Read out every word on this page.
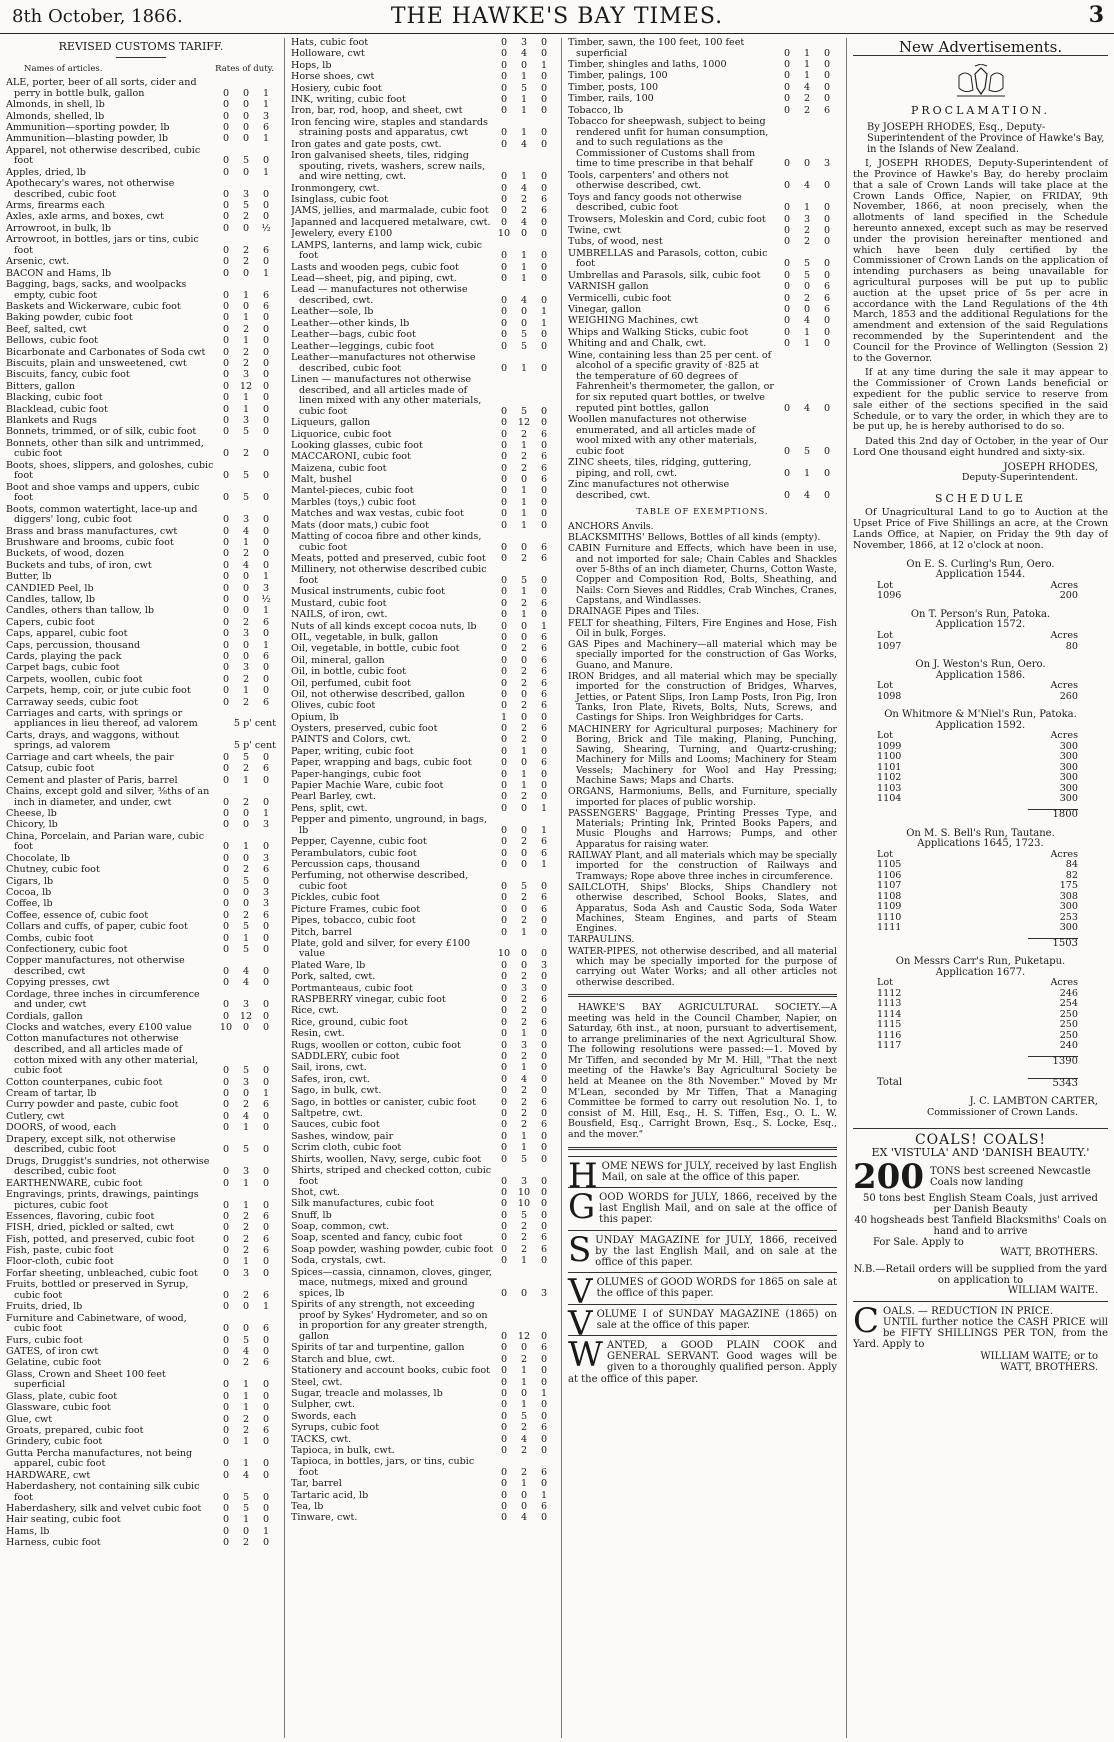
8th October, 1866.	THE HAWKE'S BAY TIMES.	3
REVISED CUSTOMS TARIFF.
Names of articles.	Rates of duty.
ALE, porter, beer of all sorts, cider and perry in bottle bulk, gallon	0	0	1
Almonds, in shell, lb	0	0	1
Almonds, shelled, lb	0	0	3
Ammunition—sporting powder, lb	0	0	6
Ammunition—blasting powder, lb	0	0	1
Apparel, not otherwise described, cubic foot	0	5	0
Apples, dried, lb	0	0	1
Apothecary's wares, not otherwise described, cubic foot	0	3	0
Arms, firearms each	0	5	0
Axles, axle arms, and boxes, cwt	0	2	0
Arrowroot, in bulk, lb	0	0	½
Arrowroot, in bottles, jars or tins, cubic foot	0	2	6
Arsenic, cwt.	0	2	0
BACON and Hams, lb	0	0	1
Bagging, bags, sacks, and woolpacks empty, cubic foot	0	1	6
Baskets and Wickerware, cubic foot	0	0	6
Baking powder, cubic foot	0	1	0
Beef, salted, cwt	0	2	0
Bellows, cubic foot	0	1	0
Bicarbonate and Carbonates of Soda cwt	0	2	0
Biscuits, plain and unsweetened, cwt	0	2	0
Biscuits, fancy, cubic foot	0	3	0
Bitters, gallon	0	12	0
Blacking, cubic foot	0	1	0
Blacklead, cubic foot	0	1	0
Blankets and Rugs	0	3	0
Bonnets, trimmed, or of silk, cubic foot	0	5	0
Bonnets, other than silk and untrimmed, cubic foot	0	2	0
Boots, shoes, slippers, and goloshes, cubic foot	0	5	0
Boot and shoe vamps and uppers, cubic foot	0	5	0
Boots, common watertight, lace-up and diggers' long, cubic foot	0	3	0
Brass and brass manufactures, cwt	0	4	0
Brushware and brooms, cubic foot	0	1	0
Buckets, of wood, dozen	0	2	0
Buckets and tubs, of iron, cwt	0	4	0
Butter, lb	0	0	1
CANDIED Peel, lb	0	0	3
Candles, tallow, lb	0	0	½
Candles, others than tallow, lb	0	0	1
Capers, cubic foot	0	2	6
Caps, apparel, cubic foot	0	3	0
Caps, percussion, thousand	0	0	1
Cards, playing the pack	0	0	6
Carpet bags, cubic foot	0	3	0
Carpets, woollen, cubic foot	0	2	0
Carpets, hemp, coir, or jute cubic foot	0	1	0
Carraway seeds, cubic foot	0	2	6
Carriages and carts, with springs or appliances in lieu thereof, ad valorem	5 p' cent
Carts, drays, and waggons, without springs, ad valorem	5 p' cent
Carriage and cart wheels, the pair	0	5	0
Catsup, cubic foot	0	2	6
Cement and plaster of Paris, barrel	0	1	0
Chains, except gold and silver, ⅜ths of an inch in diameter, and under, cwt	0	2	0
Cheese, lb	0	0	1
Chicory, lb	0	0	3
China, Porcelain, and Parian ware, cubic foot	0	1	0
Chocolate, lb	0	0	3
Chutney, cubic foot	0	2	6
Cigars, lb	0	5	0
Cocoa, lb	0	0	3
Coffee, lb	0	0	3
Coffee, essence of, cubic foot	0	2	6
Collars and cuffs, of paper, cubic foot	0	5	0
Combs, cubic foot	0	1	0
Confectionery, cubic foot	0	5	0
Copper manufactures, not otherwise described, cwt	0	4	0
Copying presses, cwt	0	4	0
Cordage, three inches in circumference and under, cwt	0	3	0
Cordials, gallon	0	12	0
Clocks and watches, every £100 value	10	0	0
Cotton manufactures not otherwise described, and all articles made of cotton mixed with any other material, cubic foot	0	5	0
Cotton counterpanes, cubic foot	0	3	0
Cream of tartar, lb	0	0	1
Curry powder and paste, cubic foot	0	2	6
Cutlery, cwt	0	4	0
DOORS, of wood, each	0	1	0
Drapery, except silk, not otherwise described, cubic foot	0	5	0
Drugs, Druggist's sundries, not otherwise described, cubic foot	0	3	0
EARTHENWARE, cubic foot	0	1	0
Engravings, prints, drawings, paintings pictures, cubic foot	0	1	0
Essences, flavoring, cubic foot	0	2	6
FISH, dried, pickled or salted, cwt	0	2	0
Fish, potted, and preserved, cubic foot	0	2	6
Fish, paste, cubic foot	0	2	6
Floor-cloth, cubic foot	0	1	0
Forfar sheeting, unbleached, cubic foot	0	3	0
Fruits, bottled or preserved in Syrup, cubic foot	0	2	6
Fruits, dried, lb	0	0	1
Furniture and Cabinetware, of wood, cubic foot	0	0	6
Furs, cubic foot	0	5	0
GATES, of iron cwt	0	4	0
Gelatine, cubic foot	0	2	6
Glass, Crown and Sheet 100 feet superficial	0	1	0
Glass, plate, cubic foot	0	1	0
Glassware, cubic foot	0	1	0
Glue, cwt	0	2	0
Groats, prepared, cubic foot	0	2	6
Grindery, cubic foot	0	1	0
Gutta Percha manufactures, not being apparel, cubic foot	0	1	0
HARDWARE, cwt	0	4	0
Haberdashery, not containing silk cubic foot	0	5	0
Haberdashery, silk and velvet cubic foot	0	5	0
Hair seating, cubic foot	0	1	0
Hams, lb	0	0	1
Harness, cubic foot	0	2	0
Hats, cubic foot	0	3	0
Holloware, cwt	0	4	0
Hops, lb	0	0	1
Horse shoes, cwt	0	1	0
Hosiery, cubic foot	0	5	0
INK, writing, cubic foot	0	1	0
Iron, bar, rod, hoop, and sheet, cwt	0	1	0
Iron fencing wire, staples and standards straining posts and apparatus, cwt	0	1	0
Iron gates and gate posts, cwt.	0	4	0
Iron galvanised sheets, tiles, ridging spouting, rivets, washers, screw nails, and wire netting, cwt.	0	1	0
Ironmongery, cwt.	0	4	0
Isinglass, cubic foot	0	2	6
JAMS, jellies, and marmalade, cubic foot	0	2	6
Japanned and lacquered metalware, cwt.	0	4	0
Jewelery, every £100	10	0	0
LAMPS, lanterns, and lamp wick, cubic foot	0	1	0
Lasts and wooden pegs, cubic foot	0	1	0
Lead—sheet, pig, and piping, cwt.	0	1	0
Lead — manufactures not otherwise described, cwt.	0	4	0
Leather—sole, lb	0	0	1
Leather—other kinds, lb	0	0	1
Leather—bags, cubic foot	0	5	0
Leather—leggings, cubic foot	0	5	0
Leather—manufactures not otherwise described, cubic foot	0	1	0
Linen — manufactures not otherwise described, and all articles made of linen mixed with any other materials, cubic foot	0	5	0
Liqueurs, gallon	0	12	0
Liquorice, cubic foot	0	2	6
Looking glasses, cubic foot	0	1	0
MACCARONI, cubic foot	0	2	6
Maizena, cubic foot	0	2	6
Malt, bushel	0	0	6
Mantel-pieces, cubic foot	0	1	0
Marbles (toys,) cubic foot	0	1	0
Matches and wax vestas, cubic foot	0	1	0
Mats (door mats,) cubic foot	0	1	0
Matting of cocoa fibre and other kinds, cubic foot	0	0	6
Meats, potted and preserved, cubic foot	0	2	6
Millinery, not otherwise described cubic foot	0	5	0
Musical instruments, cubic foot	0	1	0
Mustard, cubic foot	0	2	6
NAILS, of iron, cwt.	0	1	0
Nuts of all kinds except cocoa nuts, lb	0	0	1
OIL, vegetable, in bulk, gallon	0	0	6
Oil, vegetable, in bottle, cubic foot	0	2	6
Oil, mineral, gallon	0	0	6
Oil, in bottle, cubic foot	0	2	6
Oil, perfumed, cubit foot	0	2	6
Oil, not otherwise described, gallon	0	0	6
Olives, cubic foot	0	2	6
Opium, lb	1	0	0
Oysters, preserved, cubic foot	0	2	6
PAINTS and Colors, cwt.	0	2	0
Paper, writing, cubic foot	0	1	0
Paper, wrapping and bags, cubic foot	0	0	6
Paper-hangings, cubic foot	0	1	0
Papier Machie Ware, cubic foot	0	1	0
Pearl Barley, cwt.	0	2	0
Pens, split, cwt.	0	0	1
Pepper and pimento, unground, in bags, lb	0	0	1
Pepper, Cayenne, cubic foot	0	2	6
Perambulators, cubic foot	0	0	6
Percussion caps, thousand	0	0	1
Perfuming, not otherwise described, cubic foot	0	5	0
Pickles, cubic foot	0	2	6
Picture Frames, cubic foot	0	0	6
Pipes, tobacco, cubic foot	0	2	0
Pitch, barrel	0	1	0
Plate, gold and silver, for every £100 value	10	0	0
Plated Ware, lb	0	0	3
Pork, salted, cwt.	0	2	0
Portmanteaus, cubic foot	0	3	0
RASPBERRY vinegar, cubic foot	0	2	6
Rice, cwt.	0	2	0
Rice, ground, cubic foot	0	2	6
Resin, cwt.	0	1	0
Rugs, woollen or cotton, cubic foot	0	3	0
SADDLERY, cubic foot	0	2	0
Sail, irons, cwt.	0	1	0
Safes, iron, cwt.	0	4	0
Sago, in bulk, cwt.	0	2	0
Sago, in bottles or canister, cubic foot	0	2	6
Saltpetre, cwt.	0	2	0
Sauces, cubic foot	0	2	6
Sashes, window, pair	0	1	0
Scrim cloth, cubic foot	0	1	0
Shirts, woollen, Navy, serge, cubic foot	0	5	0
Shirts, striped and checked cotton, cubic foot	0	3	0
Shot, cwt.	0	10	0
Silk manufactures, cubic foot	0	10	0
Snuff, lb	0	5	0
Soap, common, cwt.	0	2	0
Soap, scented and fancy, cubic foot	0	2	6
Soap powder, washing powder, cubic foot 0	2	6
Soda, crystals, cwt.	0	1	0
Spices—cassia, cinnamon, cloves, ginger, mace, nutmegs, mixed and ground spices, lb	0	0	3
Spirits of any strength, not exceeding proof by Sykes' Hydrometer, and so on in proportion for any greater strength, gallon	0	12	0
Spirits of tar and turpentine, gallon	0	0	6
Starch and blue, cwt.	0	2	0
Stationery and account books, cubic foot	0	1	0
Steel, cwt.	0	1	0
Sugar, treacle and molasses, lb	0	0	1
Sulpher, cwt.	0	1	0
Swords, each	0	5	0
Syrups, cubic foot	0	2	6
TACKS, cwt.	0	4	0
Tapioca, in bulk, cwt.	0	2	0
Tapioca, in bottles, jars, or tins, cubic foot	0	2	6
Tar, barrel	0	1	0
Tartaric acid, lb	0	0	1
Tea, lb	0	0	6
Tinware, cwt.	0	4	0
Timber, sawn, the 100 feet, 100 feet superficial	0	1	0
Timber, shingles and laths, 1000	0	1	0
Timber, palings, 100	0	1	0
Timber, posts, 100	0	4	0
Timber, rails, 100	0	2	0
Tobacco, lb	0	2	6
Tobacco for sheepwash, subject to being rendered unfit for human consumption, and to such regulations as the Commissioner of Customs shall from time to time prescribe in that behalf	0	0	3
Tools, carpenters' and others not otherwise described, cwt.	0	4	0
Toys and fancy goods not otherwise described, cubic foot	0	1	0
Trowsers, Moleskin and Cord, cubic foot	0	3	0
Twine, cwt	0	2	0
Tubs, of wood, nest	0	2	0
UMBRELLAS and Parasols, cotton, cubic foot	0	5	0
Umbrellas and Parasols, silk, cubic foot	0	5	0
VARNISH gallon	0	0	6
Vermicelli, cubic foot	0	2	6
Vinegar, gallon	0	0	6
WEIGHING Machines, cwt	0	4	0
Whips and Walking Sticks, cubic foot	0	1	0
Whiting and and Chalk, cwt.	0	1	0
Wine, containing less than 25 per cent. of alcohol of a specific gravity of ·825 at the temperature of 60 degrees of Fahrenheit's thermometer, the gallon, or for six reputed quart bottles, or twelve reputed pint bottles, gallon	0	4	0
Woollen manufactures not otherwise enumerated, and all articles made of wool mixed with any other materials, cubic foot	0	5	0
ZINC sheets, tiles, ridging, guttering, piping, and roll, cwt.	0	1	0
Zinc manufactures not otherwise described, cwt.	0	4	0
TABLE OF EXEMPTIONS.
ANCHORS Anvils.
BLACKSMITHS' Bellows, Bottles of all kinds (empty).
CABIN Furniture and Effects, which have been in use, and not imported for sale; Chain Cables and Shackles over 5-8ths of an inch diameter, Churns, Cotton Waste, Copper and Composition Rod, Bolts, Sheathing, and Nails: Corn Sieves and Riddles, Crab Winches, Cranes, Capstans, and Windlasses.
DRAINAGE Pipes and Tiles.
FELT for sheathing, Filters, Fire Engines and Hose, Fish Oil in bulk, Forges.
GAS Pipes and Machinery—all material which may be specially imported for the construction of Gas Works, Guano, and Manure.
IRON Bridges, and all material which may be specially imported for the construction of Bridges, Wharves, Jetties, or Patent Slips, Iron Lamp Posts, Iron Pig, Iron Tanks, Iron Plate, Rivets, Bolts, Nuts, Screws, and Castings for Ships. Iron Weighbridges for Carts.
MACHINERY for Agricultural purposes; Machinery for Boring, Brick and Tile making, Planing, Punching, Sawing, Shearing, Turning, and Quartz-crushing; Machinery for Mills and Looms; Machinery for Steam Vessels; Machinery for Wool and Hay Pressing; Machine Saws; Maps and Charts.
ORGANS, Harmoniums, Bells, and Furniture, specially imported for places of public worship.
PASSENGERS' Baggage, Printing Presses Type, and Materials; Printing Ink, Printed Books Papers, and Music Ploughs and Harrows; Pumps, and other Apparatus for raising water.
RAILWAY Plant, and all materials which may be specially imported for the construction of Railways and Tramways; Rope above three inches in circumference.
SAILCLOTH, Ships' Blocks, Ships Chandlery not otherwise described, School Books, Slates, and Apparatus, Soda Ash and Caustic Soda, Soda Water Machines, Steam Engines, and parts of Steam Engines.
TARPAULINS.
WATER-PIPES, not otherwise described, and all material which may be specially imported for the purpose of carrying out Water Works; and all other articles not otherwise described.
HAWKE'S BAY AGRICULTURAL SOCIETY.—A meeting was held in the Council Chamber, Napier, on Saturday, 6th inst., at noon, pursuant to advertisement, to arrange preliminaries of the next Agricultural Show. The following resolutions were passed:—1. Moved by Mr Tiffen, and seconded by Mr M. Hill, "That the next meeting of the Hawke's Bay Agricultural Society be held at Meanee on the 8th November." Moved by Mr M'Lean, seconded by Mr Tiffen, That a Managing Committee be formed to carry out resolution No. 1, to consist of M. Hill, Esq., H. S. Tiffen, Esq., O. L. W. Bousfield, Esq., Carright Brown, Esq., S. Locke, Esq., and the mover."
HOME NEWS for JULY, received by last English Mail, on sale at the office of this paper.
GOOD WORDS for JULY, 1866, received by the last English Mail, and on sale at the office of this paper.
SUNDAY MAGAZINE for JULY, 1866, received by the last English Mail, and on sale at the office of this paper.
VOLUMES of GOOD WORDS for 1865 on sale at the office of this paper.
VOLUME I of SUNDAY MAGAZINE (1865) on sale at the office of this paper.
WANTED, a GOOD PLAIN COOK and GENERAL SERVANT. Good wages will be given to a thoroughly qualified person. Apply at the office of this paper.
New Advertisements.
PROCLAMATION.
By JOSEPH RHODES, Esq., Deputy-Superintendent of the Province of Hawke's Bay, in the Islands of New Zealand.
I, JOSEPH RHODES, Deputy-Superintendent of the Province of Hawke's Bay, do hereby proclaim that a sale of Crown Lands will take place at the Crown Lands Office, Napier, on FRIDAY, 9th November, 1866, at noon precisely, when the allotments of land specified in the Schedule hereunto annexed, except such as may be reserved under the provision hereinafter mentioned and which have been duly certified by the Commissioner of Crown Lands on the application of intending purchasers as being unavailable for agricultural purposes will be put up to public auction at the upset price of 5s per acre in accordance with the Land Regulations of the 4th March, 1853 and the additional Regulations for the amendment and extension of the said Regulations recommended by the Superintendent and the Council for the Province of Wellington (Session 2) to the Governor.
If at any time during the sale it may appear to the Commissioner of Crown Lands beneficial or expedient for the public service to reserve from sale either of the sections specified in the said Schedule, or to vary the order, in which they are to be put up, he is hereby authorised to do so.
Dated this 2nd day of October, in the year of Our Lord One thousand eight hundred and sixty-six.
JOSEPH RHODES,
Deputy-Superintendent.
SCHEDULE
Of Unagricultural Land to go to Auction at the Upset Price of Five Shillings an acre, at the Crown Lands Office, at Napier, on Friday the 9th day of November, 1866, at 12 o'clock at noon.
On E. S. Curling's Run, Oero.
Application 1544.
Lot	Acres
1096	200
On T. Person's Run, Patoka.
Application 1572.
Lot	Acres
1097	80
On J. Weston's Run, Oero.
Application 1586.
Lot	Acres
1098	260
On Whitmore & M'Niel's Run, Patoka.
Application 1592.
Lot	Acres
1099	300
1100	300
1101	300
1102	300
1103	300
1104	300
1800
On M. S. Bell's Run, Tautane.
Applications 1645, 1723.
Lot	Acres
1105	84
1106	82
1107	175
1108	308
1109	300
1110	253
1111	300
1503
On Messrs Carr's Run, Puketapu.
Application 1677.
Lot	Acres
1112	246
1113	254
1114	250
1115	250
1116	250
1117	240
1390
Total	5343
J. C. LAMBTON CARTER,
Commissioner of Crown Lands.
COALS! COALS!
EX 'VISTULA' AND 'DANISH BEAUTY.'
200 TONS best screened Newcastle Coals now landing
50 tons best English Steam Coals, just arrived per Danish Beauty
40 hogsheads best Tanfield Blacksmiths' Coals on hand and to arrive
For Sale. Apply to
WATT, BROTHERS.
N.B.—Retail orders will be supplied from the yard on application to
WILLIAM WAITE.
C OALS. — REDUCTION IN PRICE.
UNTIL further notice the CASH PRICE will be FIFTY SHILLINGS PER TON, from the Yard. Apply to
WILLIAM WAITE; or to
WATT, BROTHERS.
